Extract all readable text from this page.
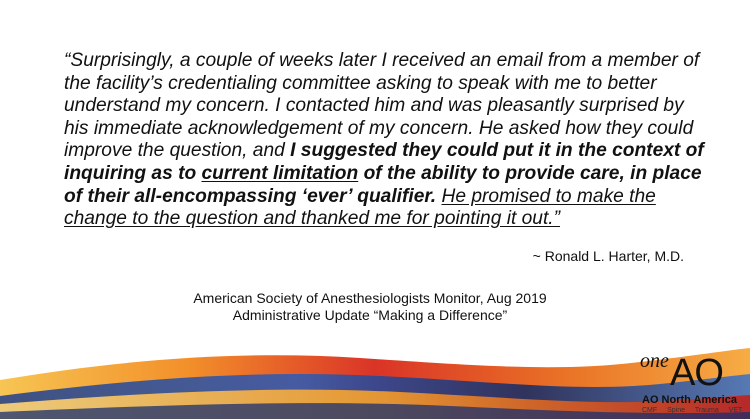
“Surprisingly, a couple of weeks later I received an email from a member of the facility’s credentialing committee asking to speak with me to better understand my concern. I contacted him and was pleasantly surprised by his immediate acknowledgement of my concern. He asked how they could improve the question, and I suggested they could put it in the context of inquiring as to current limitation of the ability to provide care, in place of their all-encompassing ‘ever’ qualifier. He promised to make the change to the question and thanked me for pointing it out.”
~ Ronald L. Harter, M.D.
American Society of Anesthesiologists Monitor, Aug 2019
Administrative Update “Making a Difference”
one AO
AO North America
CMF Spine Trauma VET
